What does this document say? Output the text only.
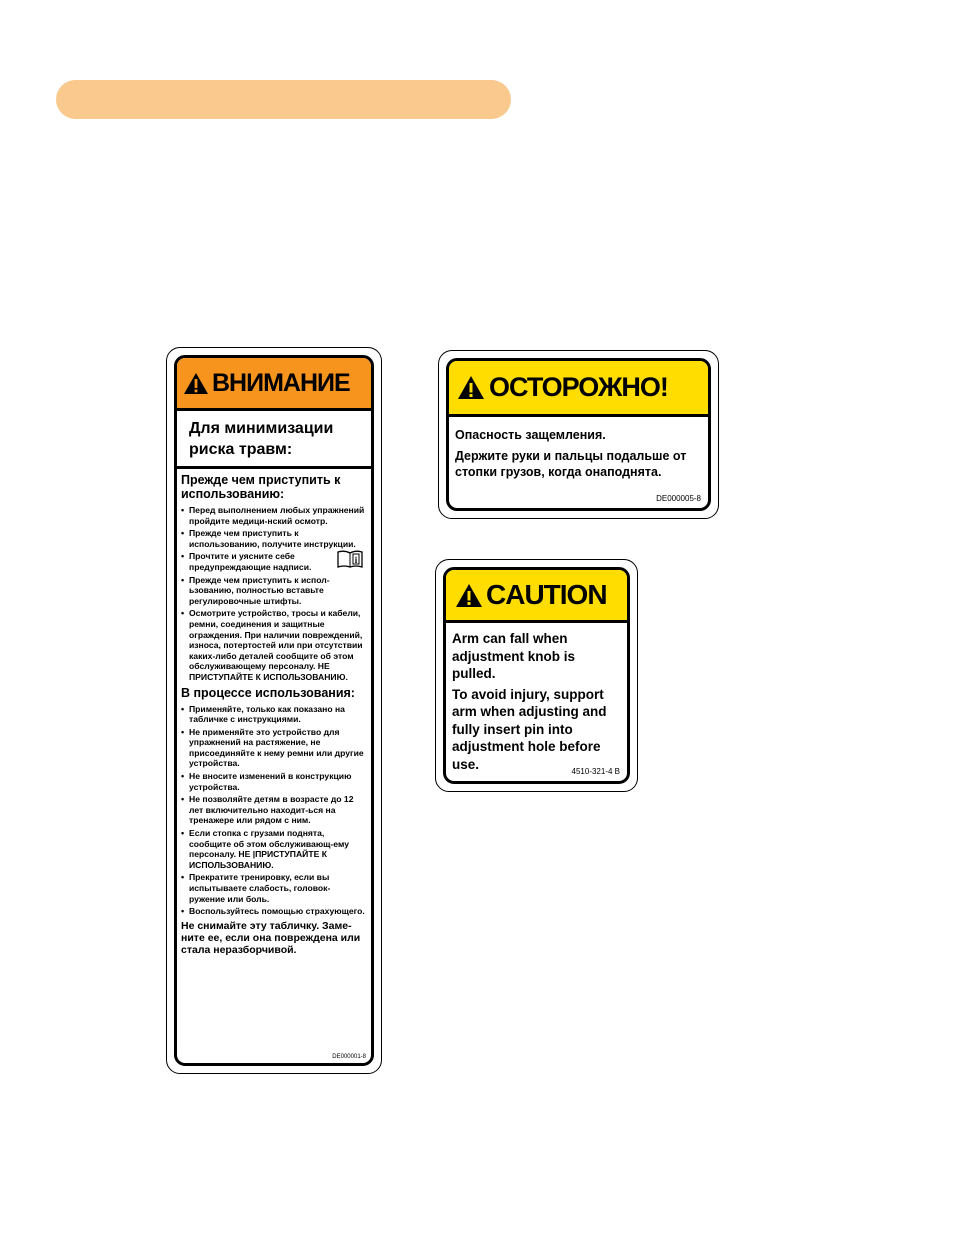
ВНИМАНИЕ
Для минимизации
риска травм:
Прежде чем приступить к использованию:
• Перед выполнением любых упражнений пройдите медици-нский осмотр.
• Прежде чем приступить к использованию, получите инструкции.
• Прочтите и уясните себе предупреждающие надписи.
i
• Прежде чем приступить к испол-ьзованию, полностью вставьте регулировочные штифты.
• Осмотрите устройство, тросы и кабели, ремни, соединения и защитные ограждения. При наличии повреждений, износа, потертостей или при отсутствии каких-либо деталей сообщите об этом обслуживающему персоналу. НЕ ПРИСТУПАЙТЕ К ИСПОЛЬЗОВАНИЮ.
В процессе использования:
• Применяйте, только как показано на табличке с инструкциями.
• Не применяйте это устройство для упражнений на растяжение, не присоединяйте к нему ремни или другие устройства.
• Не вносите изменений в конструкцию устройства.
• Не позволяйте детям в возрасте до 12 лет включительно находит-ься на тренажере или рядом с ним.
• Если стопка с грузами поднята, сообщите об этом обслуживающ-ему персоналу. НЕ |ПРИСТУПАЙТЕ К ИСПОЛЬЗОВАНИЮ.
• Прекратите тренировку, если вы испытываете слабость, головок-ружение или боль.
• Воспользуйтесь помощью страхующего.
Не снимайте эту табличку. Заме-ните ее, если она повреждена или стала неразборчивой.
DE000001-8
ОСТОРОЖНО!

Опасность защемления.

Держите руки и пальцы подальше от стопки грузов, когда онаподнята.

DE000005-8
CAUTION

Arm can fall when adjustment knob is pulled.

To avoid injury, support arm when adjusting and fully insert pin into adjustment hole before use.	4510-321-4 B
